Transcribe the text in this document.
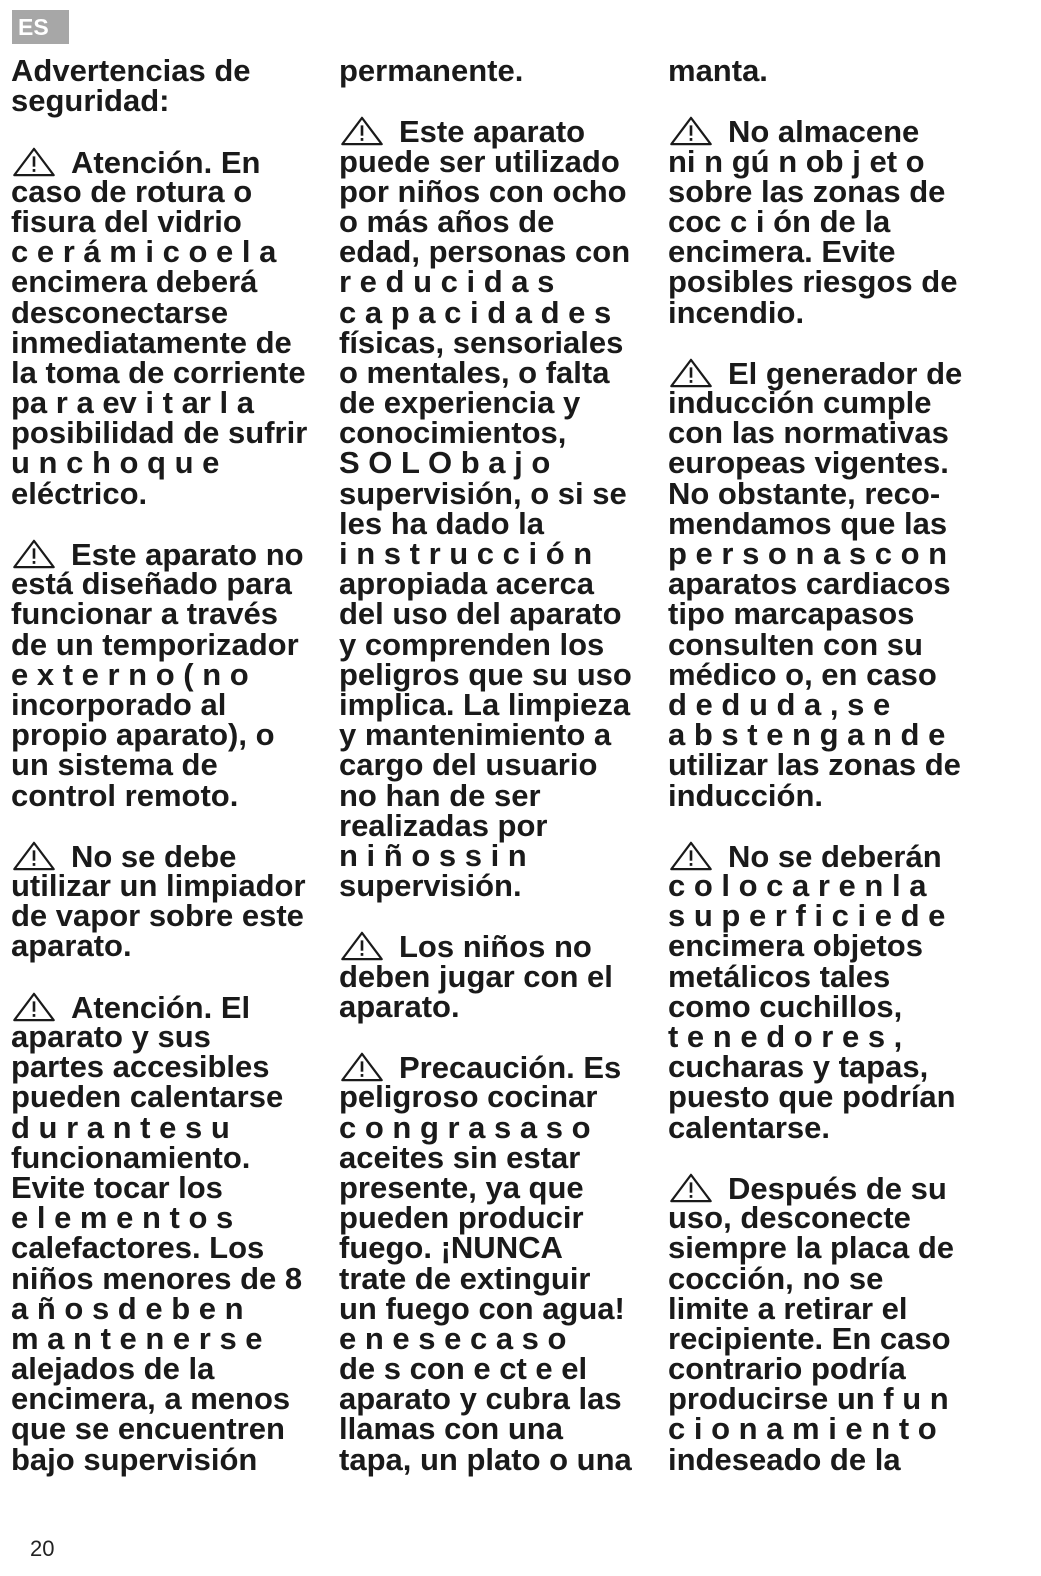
ES
Advertencias de
seguridad:
Atención. En
caso de rotura o
fisura del vidrio
c e r á m i c o e l a
encimera deberá
desconectarse
inmediatamente de
la toma de corriente
pa r a ev i t ar l a
posibilidad de sufrir
u n c h o q u e
eléctrico.
Este aparato no
está diseñado para
funcionar a través
de un temporizador
e x t e r n o ( n o
incorporado al
propio aparato), o
un sistema de
control remoto.
No se debe
utilizar un limpiador
de vapor sobre este
aparato.
Atención. El
aparato y sus
partes accesibles
pueden calentarse
d u r a n t e s u
funcionamiento.
Evite tocar los
e l e m e n t o s
calefactores. Los
niños menores de 8
a ñ o s d e b e n
m a n t e n e r s e
alejados de la
encimera, a menos
que se encuentren
bajo supervisión
permanente.
Este aparato
puede ser utilizado
por niños con ocho
o más años de
edad, personas con
r e d u c i d a s
c a p a c i d a d e s
físicas, sensoriales
o mentales, o falta
de experiencia y
conocimientos,
S O L O b a j o
supervisión, o si se
les ha dado la
i n s t r u c c i ó n
apropiada acerca
del uso del aparato
y comprenden los
peligros que su uso
implica. La limpieza
y mantenimiento a
cargo del usuario
no han de ser
realizadas por
n i ñ o s s i n
supervisión.
Los niños no
deben jugar con el
aparato.
Precaución. Es
peligroso cocinar
c o n g r a s a s o
aceites sin estar
presente, ya que
pueden producir
fuego. ¡NUNCA
trate de extinguir
un fuego con agua!
e n e s e c a s o
de s con e ct e el
aparato y cubra las
llamas con una
tapa, un plato o una
manta.
No almacene
ni n gú n ob j et o
sobre las zonas de
coc c i ón de la
encimera. Evite
posibles riesgos de
incendio.
El generador de
inducción cumple
con las normativas
europeas vigentes.
No obstante, reco-
mendamos que las
p e r s o n a s c o n
aparatos cardiacos
tipo marcapasos
consulten con su
médico o, en caso
d e d u d a , s e
a b s t e n g a n d e
utilizar las zonas de
inducción.
No se deberán
c o l o c a r e n l a
s u p e r f i c i e d e
encimera objetos
metálicos tales
como cuchillos,
t e n e d o r e s ,
cucharas y tapas,
puesto que podrían
calentarse.
Después de su
uso, desconecte
siempre la placa de
cocción, no se
limite a retirar el
recipiente. En caso
contrario podría
producirse un f u n
c i o n a m i e n t o
indeseado de la
20
